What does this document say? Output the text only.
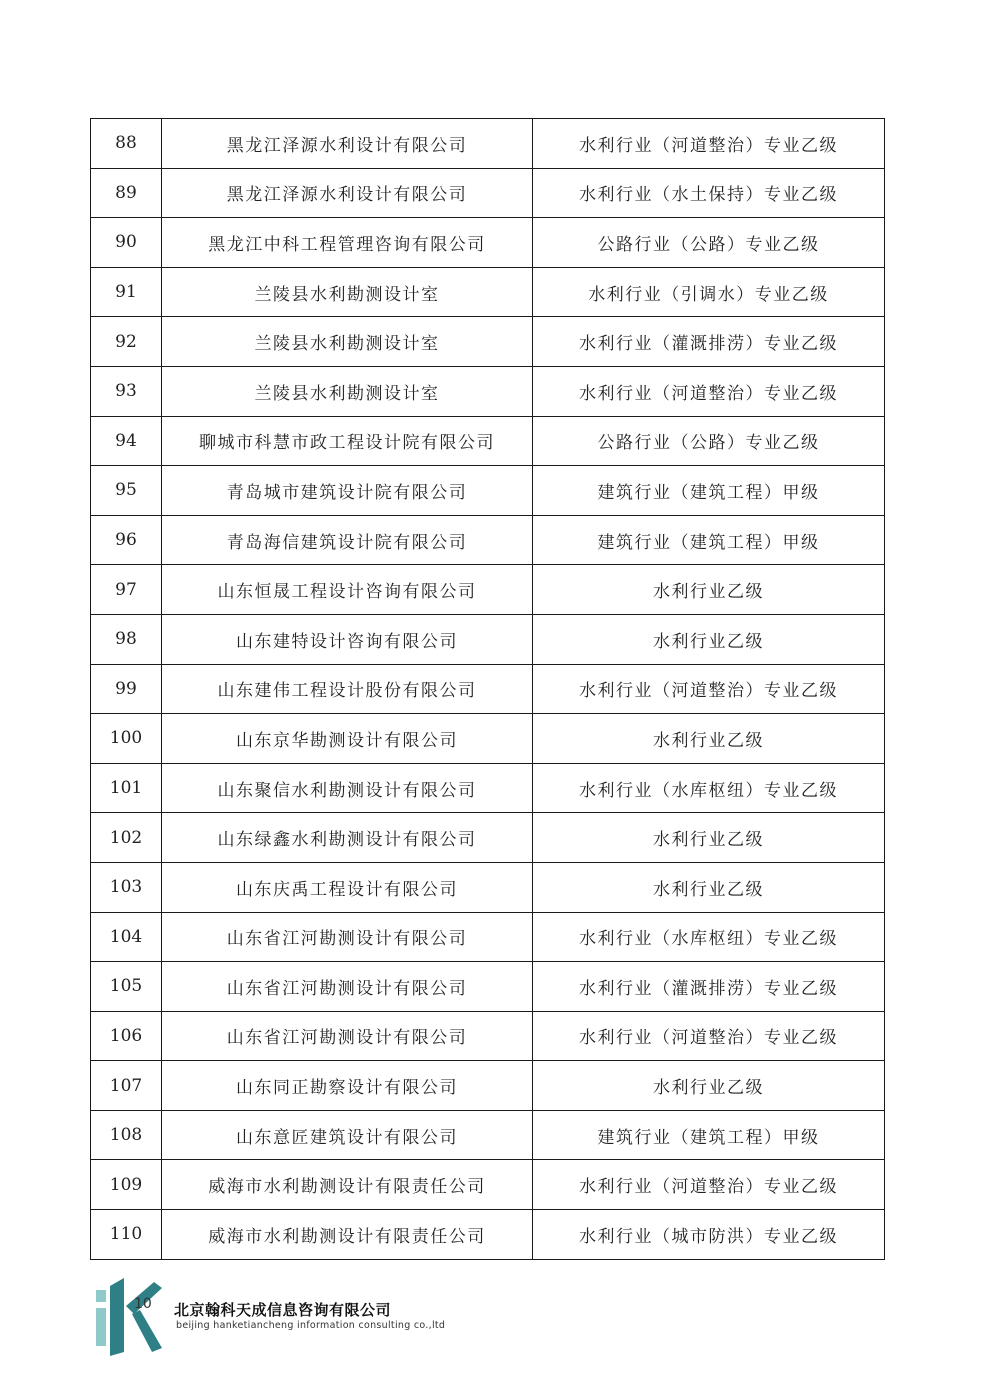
88	黑龙江泽源水利设计有限公司	水利行业（河道整治）专业乙级
89	黑龙江泽源水利设计有限公司	水利行业（水土保持）专业乙级
90	黑龙江中科工程管理咨询有限公司	公路行业（公路）专业乙级
91	兰陵县水利勘测设计室	水利行业（引调水）专业乙级
92	兰陵县水利勘测设计室	水利行业（灌溉排涝）专业乙级
93	兰陵县水利勘测设计室	水利行业（河道整治）专业乙级
94	聊城市科慧市政工程设计院有限公司	公路行业（公路）专业乙级
95	青岛城市建筑设计院有限公司	建筑行业（建筑工程）甲级
96	青岛海信建筑设计院有限公司	建筑行业（建筑工程）甲级
97	山东恒晟工程设计咨询有限公司	水利行业乙级
98	山东建特设计咨询有限公司	水利行业乙级
99	山东建伟工程设计股份有限公司	水利行业（河道整治）专业乙级
100	山东京华勘测设计有限公司	水利行业乙级
101	山东聚信水利勘测设计有限公司	水利行业（水库枢纽）专业乙级
102	山东绿鑫水利勘测设计有限公司	水利行业乙级
103	山东庆禹工程设计有限公司	水利行业乙级
104	山东省江河勘测设计有限公司	水利行业（水库枢纽）专业乙级
105	山东省江河勘测设计有限公司	水利行业（灌溉排涝）专业乙级
106	山东省江河勘测设计有限公司	水利行业（河道整治）专业乙级
107	山东同正勘察设计有限公司	水利行业乙级
108	山东意匠建筑设计有限公司	建筑行业（建筑工程）甲级
109	威海市水利勘测设计有限责任公司	水利行业（河道整治）专业乙级
110	威海市水利勘测设计有限责任公司	水利行业（城市防洪）专业乙级
10 北京翰科天成信息咨询有限公司
beijing hanketiancheng information consulting co.,ltd
